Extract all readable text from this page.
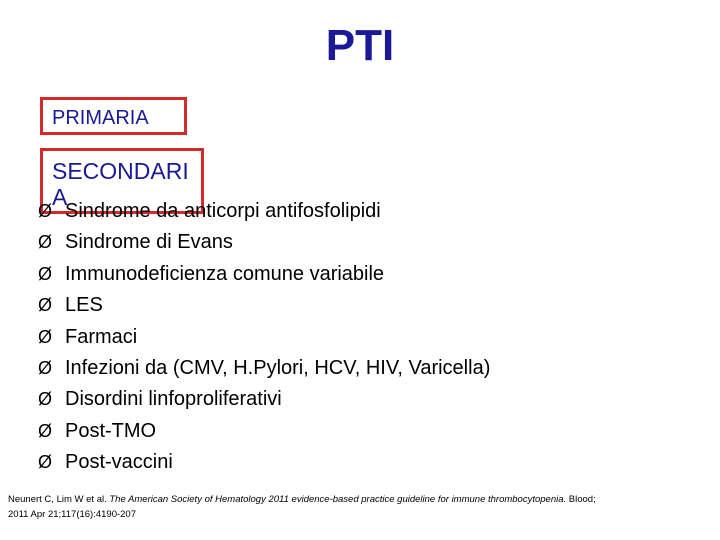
PTI
PRIMARIA
SECONDARIA
Ø Sindrome da anticorpi antifosfolipidi
Ø Sindrome di Evans
Ø Immunodeficienza comune variabile
Ø LES
Ø Farmaci
Ø Infezioni da (CMV, H.Pylori, HCV, HIV, Varicella)
Ø Disordini linfoproliferativi
Ø Post-TMO
Ø Post-vaccini
Neunert C, Lim W et al. The American Society of Hematology 2011 evidence-based practice guideline for immune thrombocytopenia. Blood;
2011 Apr 21;117(16):4190-207
